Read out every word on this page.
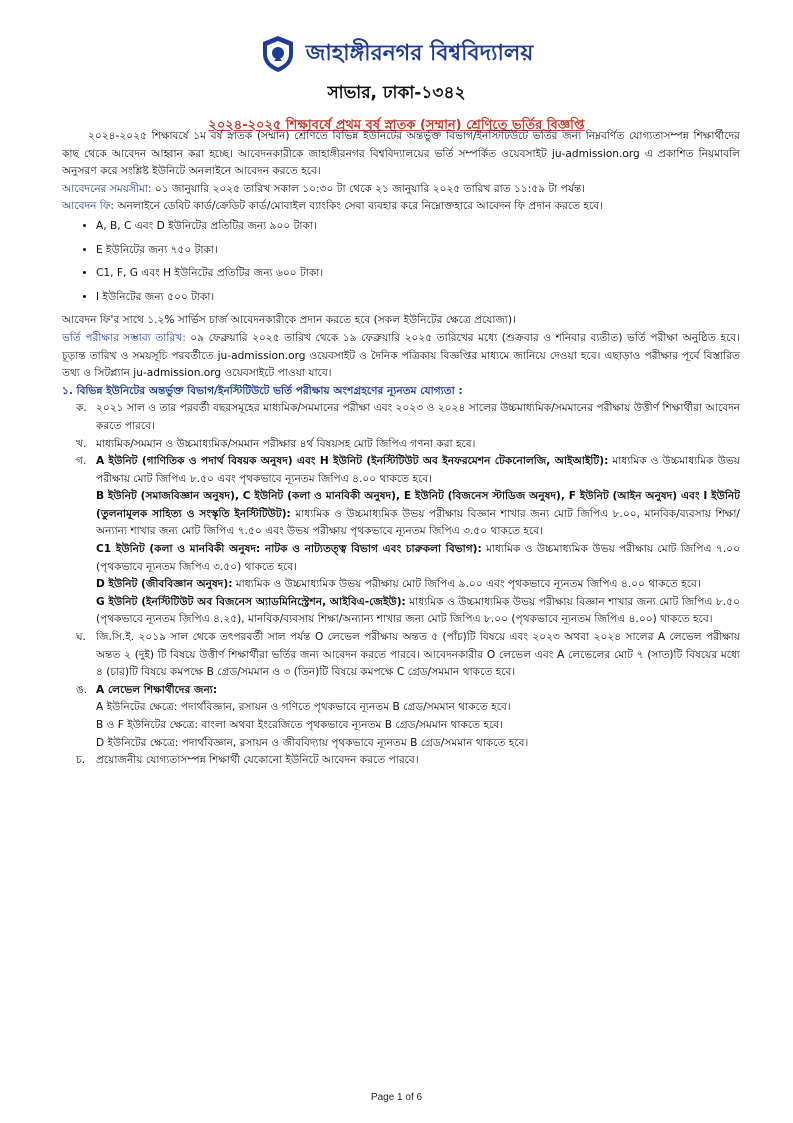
জাহাঙ্গীরনগর বিশ্ববিদ্যালয়
সাভার, ঢাকা-১৩৪২
২০২৪-২০২৫ শিক্ষাবর্ষে প্রথম বর্ষ স্নাতক (সম্মান) শ্রেণিতে ভর্তির বিজ্ঞপ্তি

২০২৪-২০২৫ শিক্ষাবর্ষে ১ম বর্ষ স্নাতক (সম্মান) শ্রেণিতে বিভিন্ন ইউনিটের অন্তর্ভুক্ত বিভাগ/ইনস্টিটিউটে ভর্তির জন্য নিম্নবর্ণিত যোগ্যতাসম্পন্ন শিক্ষার্থীদের কাছ থেকে আবেদন আহ্বান করা হচ্ছে। আবেদনকারীকে জাহাঙ্গীরনগর বিশ্ববিদ্যালয়ের ভর্তি সম্পর্কিত ওয়েবসাইট ju-admission.org এ প্রকাশিত নিয়মাবলি অনুসরণ করে সংশ্লিষ্ট ইউনিটে অনলাইনে আবেদন করতে হবে।

আবেদনের সময়সীমা: ০১ জানুয়ারি ২০২৫ তারিখ সকাল ১০:৩০ টা থেকে ২১ জানুয়ারি ২০২৫ তারিখ রাত ১১:৫৯ টা পর্যন্ত।

আবেদন ফি: অনলাইনে ডেবিট কার্ড/ক্রেডিট কার্ড/মোবাইল ব্যাংকিং সেবা ব্যবহার করে নিম্নোক্তহারে আবেদন ফি প্রদান করতে হবে।

• A, B, C এবং D ইউনিটের প্রতিটির জন্য ৯০০ টাকা।
• E ইউনিটের জন্য ৭৫০ টাকা।
• C1, F, G এবং H ইউনিটের প্রতিটির জন্য ৬০০ টাকা।
• I ইউনিটের জন্য ৫০০ টাকা।

আবেদন ফি'র সাথে ১.২% সার্ভিস চার্জ আবেদনকারীকে প্রদান করতে হবে (সকল ইউনিটের ক্ষেত্রে প্রযোজ্য)।

ভর্তি পরীক্ষার সম্ভাব্য তারিখ: ০৯ ফেব্রুয়ারি ২০২৫ তারিখ থেকে ১৯ ফেব্রুয়ারি ২০২৫ তারিখের মধ্যে (শুক্রবার ও শনিবার ব্যতীত) ভর্তি পরীক্ষা অনুষ্ঠিত হবে। চূড়ান্ত তারিখ ও সময়সূচি পরবর্তীতে ju-admission.org ওয়েবসাইট ও দৈনিক পত্রিকায় বিজ্ঞপ্তির মাধ্যমে জানিয়ে দেওয়া হবে। এছাড়াও পরীক্ষার পূর্বে বিস্তারিত তথ্য ও সিটপ্ল্যান ju-admission.org ওয়েবসাইটে পাওয়া যাবে।

১. বিভিন্ন ইউনিটের অন্তর্ভুক্ত বিভাগ/ইনস্টিটিউটে ভর্তি পরীক্ষায় অংশগ্রহণের ন্যূনতম যোগ্যতা :

ক. ২০২১ সাল ও তার পরবর্তী বছরসমূহের মাধ্যমিক/সমমানের পরীক্ষা এবং ২০২৩ ও ২০২৪ সালের উচ্চমাধ্যমিক/সমমানের পরীক্ষায় উত্তীর্ণ শিক্ষার্থীরা আবেদন করতে পারবে।
খ. মাধ্যমিক/সমমান ও উচ্চমাধ্যমিক/সমমান পরীক্ষার ৪র্থ বিষয়সহ মোট জিপিএ গণনা করা হবে।
গ. A ইউনিট (গাণিতিক ও পদার্থ বিষয়ক অনুষদ) এবং H ইউনিট (ইনস্টিটিউট অব ইনফরমেশন টেকনোলজি, আইআইটি): মাধ্যমিক ও উচ্চমাধ্যমিক উভয় পরীক্ষায় মোট জিপিএ ৮.৫০ এবং পৃথকভাবে ন্যূনতম জিপিএ ৪.০০ থাকতে হবে।

B ইউনিট (সমাজবিজ্ঞান অনুষদ), C ইউনিট (কলা ও মানবিকী অনুষদ), E ইউনিট (বিজনেস স্টাডিজ অনুষদ), F ইউনিট (আইন অনুষদ) এবং I ইউনিট (তুলনামূলক সাহিত্য ও সংস্কৃতি ইনস্টিটিউট): মাধ্যমিক ও উচ্চমাধ্যমিক উভয় পরীক্ষায় বিজ্ঞান শাখার জন্য মোট জিপিএ ৮.০০, মানবিক/ব্যবসায় শিক্ষা/অন্যান্য শাখার জন্য মোট জিপিএ ৭.৫০ এবং উভয় পরীক্ষায় পৃথকভাবে ন্যূনতম জিপিএ ৩.৫০ থাকতে হবে।

C1 ইউনিট (কলা ও মানবিকী অনুষদ: নাটক ও নাট্যতত্ত্ব বিভাগ এবং চারুকলা বিভাগ): মাধ্যমিক ও উচ্চমাধ্যমিক উভয় পরীক্ষায় মোট জিপিএ ৭.০০ (পৃথকভাবে ন্যূনতম জিপিএ ৩.৫০) থাকতে হবে।

D ইউনিট (জীববিজ্ঞান অনুষদ): মাধ্যমিক ও উচ্চমাধ্যমিক উভয় পরীক্ষায় মোট জিপিএ ৯.০০ এবং পৃথকভাবে ন্যূনতম জিপিএ ৪.০০ থাকতে হবে।

G ইউনিট (ইনস্টিটিউট অব বিজনেস অ্যাডমিনিস্ট্রেশন, আইবিএ-জেইউ): মাধ্যমিক ও উচ্চমাধ্যমিক উভয় পরীক্ষায় বিজ্ঞান শাখার জন্য মোট জিপিএ ৮.৫০ (পৃথকভাবে ন্যূনতম জিপিএ ৪.২৫), মানবিক/ব্যবসায় শিক্ষা/অন্যান্য শাখার জন্য মোট জিপিএ ৮.০০ (পৃথকভাবে ন্যূনতম জিপিএ ৪.০০) থাকতে হবে।

ঘ. জি.সি.ই. ২০১৯ সাল থেকে তৎপরবর্তী সাল পর্যন্ত O লেভেল পরীক্ষায় অন্তত ৫ (পাঁচ)টি বিষয়ে এবং ২০২৩ অথবা ২০২৪ সালের A লেভেল পরীক্ষায় অন্তত ২ (দুই) টি বিষয়ে উত্তীর্ণ শিক্ষার্থীরা ভর্তির জন্য আবেদন করতে পারবে। আবেদনকারীর O লেভেল এবং A লেভেলের মোট ৭ (সাত)টি বিষয়ের মধ্যে ৪ (চার)টি বিষয়ে কমপক্ষে B গ্রেড/সমমান ও ৩ (তিন)টি বিষয়ে কমপক্ষে C গ্রেড/সমমান থাকতে হবে।
ঙ. A লেভেল শিক্ষার্থীদের জন্য:

A ইউনিটের ক্ষেত্রে: পদার্থবিজ্ঞান, রসায়ন ও গণিতে পৃথকভাবে ন্যূনতম B গ্রেড/সমমান থাকতে হবে।

B ও F ইউনিটের ক্ষেত্রে: বাংলা অথবা ইংরেজিতে পৃথকভাবে ন্যূনতম B গ্রেড/সমমান থাকতে হবে।

D ইউনিটের ক্ষেত্রে: পদার্থবিজ্ঞান, রসায়ন ও জীববিদ্যায় পৃথকভাবে ন্যূনতম B গ্রেড/সমমান থাকতে হবে।

চ.	প্রয়োজনীয় যোগ্যতাসম্পন্ন শিক্ষার্থী যেকোনো ইউনিটে আবেদন করতে পারবে।
Page 1 of 6
